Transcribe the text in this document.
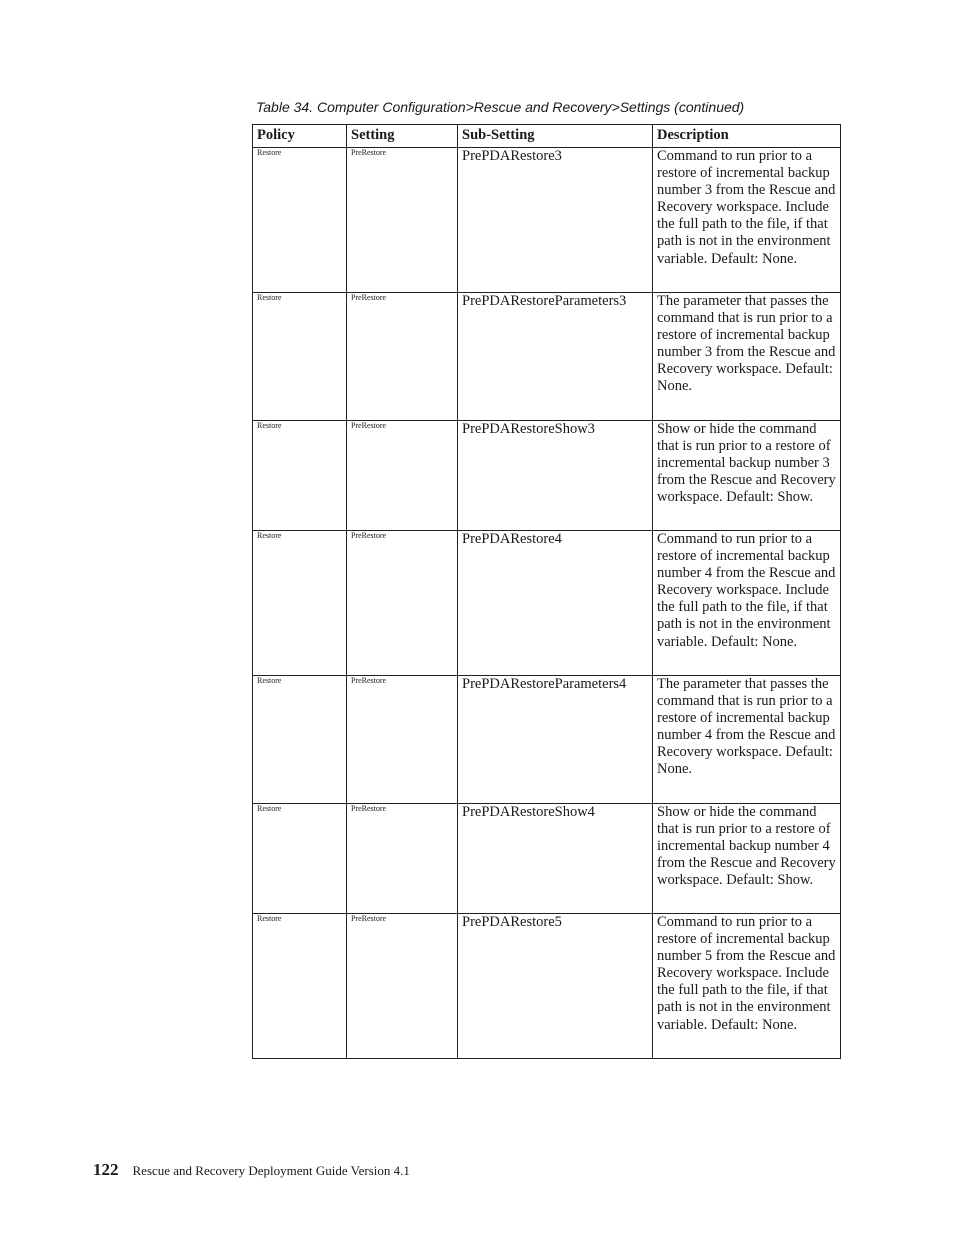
Table 34. Computer Configuration>Rescue and Recovery>Settings (continued)
Policy	Setting	Sub-Setting	Description
Restore	PreRestore	PrePDARestore3	Command to run prior to a restore of incremental backup number 3 from the Rescue and Recovery workspace. Include the full path to the file, if that path is not in the environment variable. Default: None.
Restore	PreRestore	PrePDARestoreParameters3	The parameter that passes the command that is run prior to a restore of incremental backup number 3 from the Rescue and Recovery workspace. Default: None.
Restore	PreRestore	PrePDARestoreShow3	Show or hide the command that is run prior to a restore of incremental backup number 3 from the Rescue and Recovery workspace. Default: Show.
Restore	PreRestore	PrePDARestore4	Command to run prior to a restore of incremental backup number 4 from the Rescue and Recovery workspace. Include the full path to the file, if that path is not in the environment variable. Default: None.
Restore	PreRestore	PrePDARestoreParameters4	The parameter that passes the command that is run prior to a restore of incremental backup number 4 from the Rescue and Recovery workspace. Default: None.
Restore	PreRestore	PrePDARestoreShow4	Show or hide the command that is run prior to a restore of incremental backup number 4 from the Rescue and Recovery workspace. Default: Show.
Restore	PreRestore	PrePDARestore5	Command to run prior to a restore of incremental backup number 5 from the Rescue and Recovery workspace. Include the full path to the file, if that path is not in the environment variable. Default: None.
122 Rescue and Recovery Deployment Guide Version 4.1
